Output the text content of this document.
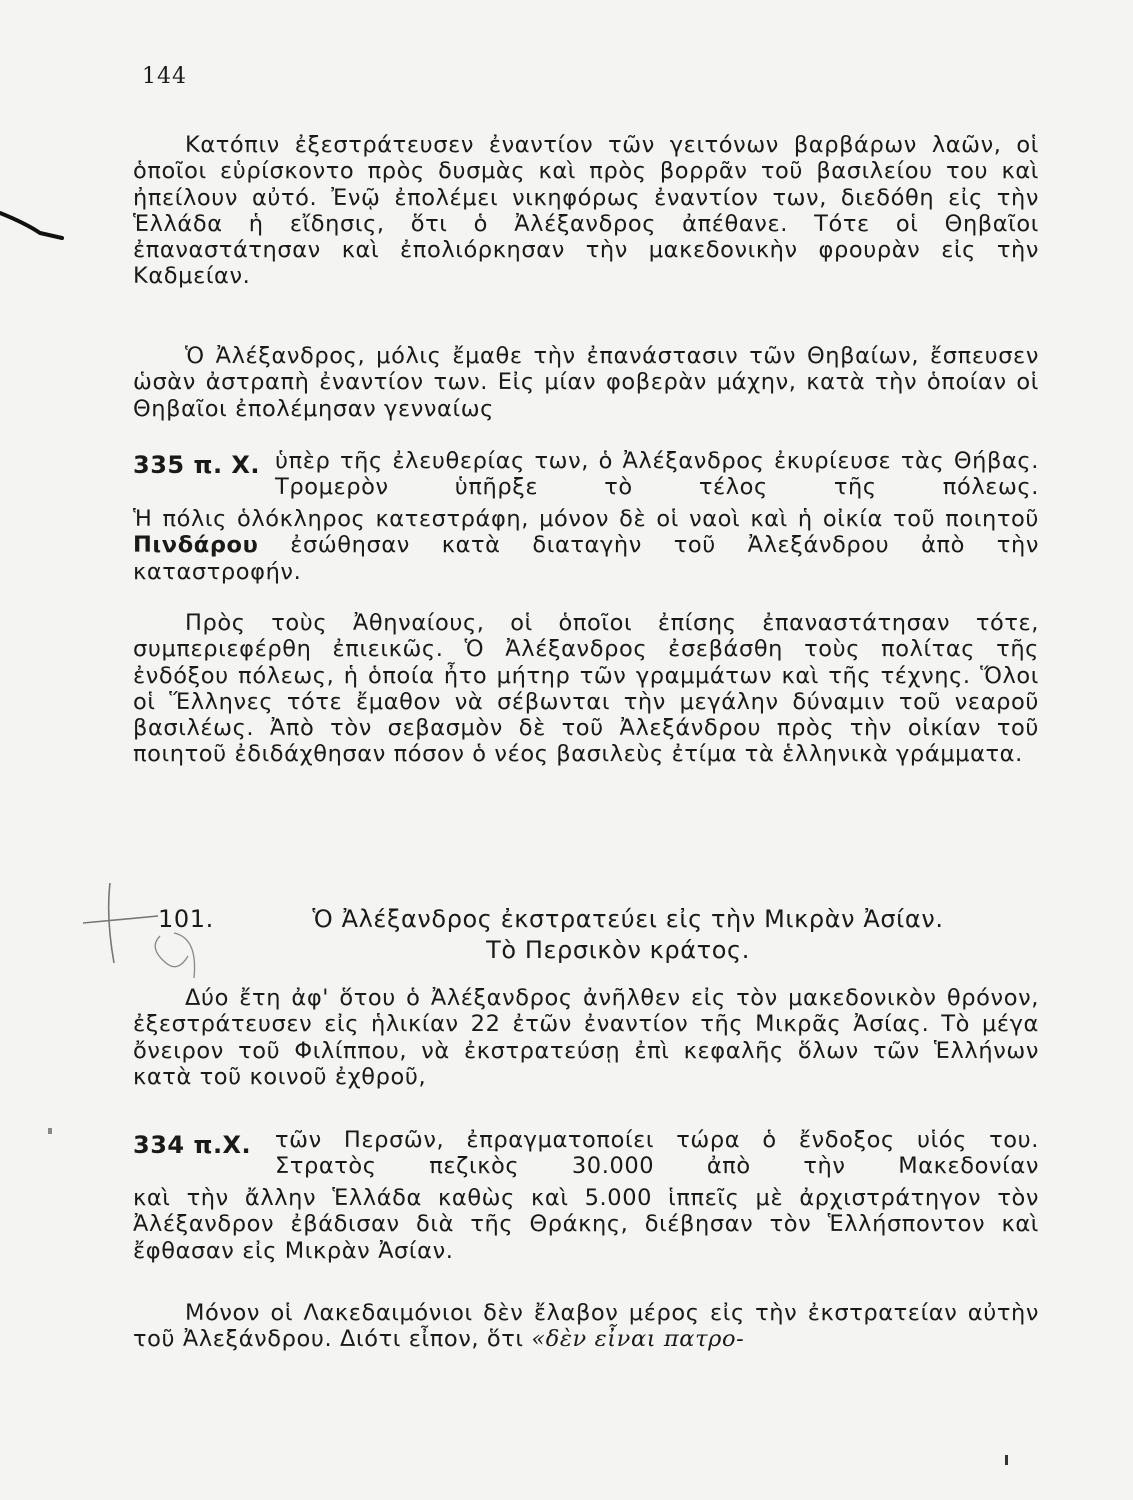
144

Κατόπιν ἐξεστράτευσεν ἐναντίον τῶν γειτόνων βαρβάρων λαῶν, οἱ ὁποῖοι εὑρίσκοντο πρὸς δυσμὰς καὶ πρὸς βορρᾶν τοῦ βασιλείου του καὶ ἠπείλουν αὐτό. Ἐνῷ ἐπολέμει νικηφόρως ἐναντίον των, διεδόθη εἰς τὴν Ἑλλάδα ἡ εἴδησις, ὅτι ὁ Ἀλέξανδρος ἀπέθανε. Τότε οἱ Θηβαῖοι ἐπαναστάτησαν καὶ ἐπολιόρκησαν τὴν μακεδονικὴν φρουρὰν εἰς τὴν Καδμείαν.

Ὁ Ἀλέξανδρος, μόλις ἔμαθε τὴν ἐπανάστασιν τῶν Θηβαίων, ἔσπευσεν ὡσὰν ἀστραπὴ ἐναντίον των. Εἰς μίαν φοβερὰν μάχην, κατὰ τὴν ὁποίαν οἱ Θηβαῖοι ἐπολέμησαν γενναίως

335 π. Χ. ὑπὲρ τῆς ἐλευθερίας των, ὁ Ἀλέξανδρος ἐκυρίευσε τὰς Θήβας. Τρομερὸν ὑπῆρξε τὸ τέλος τῆς πόλεως.

Ἡ πόλις ὁλόκληρος κατεστράφη, μόνον δὲ οἱ ναοὶ καὶ ἡ οἰκία τοῦ ποιητοῦ Πινδάρου ἐσώθησαν κατὰ διαταγὴν τοῦ Ἀλεξάνδρου ἀπὸ τὴν καταστροφήν.

Πρὸς τοὺς Ἀθηναίους, οἱ ὁποῖοι ἐπίσης ἐπαναστάτησαν τότε, συμπεριεφέρθη ἐπιεικῶς. Ὁ Ἀλέξανδρος ἐσεβάσθη τοὺς πολίτας τῆς ἐνδόξου πόλεως, ἡ ὁποία ἦτο μήτηρ τῶν γραμμάτων καὶ τῆς τέχνης. Ὅλοι οἱ Ἕλληνες τότε ἔμαθον νὰ σέβωνται τὴν μεγάλην δύναμιν τοῦ νεαροῦ βασιλέως. Ἀπὸ τὸν σεβασμὸν δὲ τοῦ Ἀλεξάνδρου πρὸς τὴν οἰκίαν τοῦ ποιητοῦ ἐδιδάχθησαν πόσον ὁ νέος βασιλεὺς ἐτίμα τὰ ἑλληνικὰ γράμματα.

101.	Ὁ Ἀλέξανδρος ἐκστρατεύει εἰς τὴν Μικρὰν Ἀσίαν.
Τὸ Περσικὸν κράτος.

Δύο ἔτη ἀφ' ὅτου ὁ Ἀλέξανδρος ἀνῆλθεν εἰς τὸν μακεδονικὸν θρόνον, ἐξεστράτευσεν εἰς ἡλικίαν 22 ἐτῶν ἐναντίον τῆς Μικρᾶς Ἀσίας. Τὸ μέγα ὄνειρον τοῦ Φιλίππου, νὰ ἐκστρατεύσῃ ἐπὶ κεφαλῆς ὅλων τῶν Ἑλλήνων κατὰ τοῦ κοινοῦ ἐχθροῦ,

334 π.Χ. τῶν Περσῶν, ἐπραγματοποίει τώρα ὁ ἔνδοξος υἱός του. Στρατὸς πεζικὸς 30.000 ἀπὸ τὴν Μακεδονίαν

καὶ τὴν ἄλλην Ἑλλάδα καθὼς καὶ 5.000 ἱππεῖς μὲ ἀρχιστράτηγον τὸν Ἀλέξανδρον ἐβάδισαν διὰ τῆς Θράκης, διέβησαν τὸν Ἑλλήσποντον καὶ ἔφθασαν εἰς Μικρὰν Ἀσίαν.

Μόνον οἱ Λακεδαιμόνιοι δὲν ἔλαβον μέρος εἰς τὴν ἐκστρατείαν αὐτὴν τοῦ Ἀλεξάνδρου. Διότι εἶπον, ὅτι «δὲν εἶναι πατρο-
